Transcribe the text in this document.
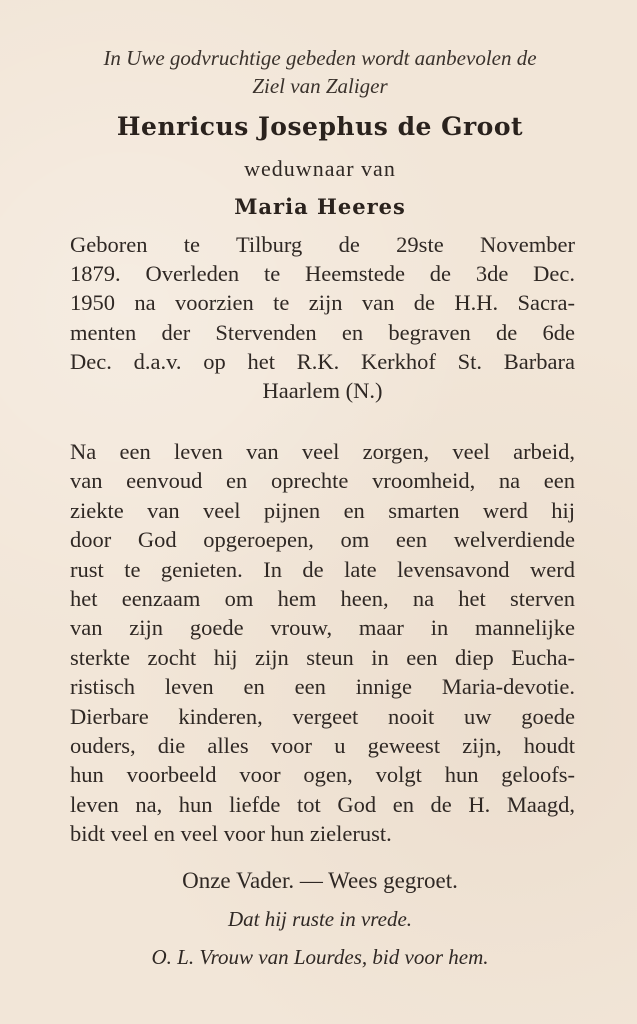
In Uwe godvruchtige gebeden wordt aanbevolen de
Ziel van Zaliger
Henricus Josephus de Groot
weduwnaar van
Maria Heeres
Geboren te Tilburg de 29ste November
1879. Overleden te Heemstede de 3de Dec.
1950 na voorzien te zijn van de H.H. Sacra-
menten der Stervenden en begraven de 6de
Dec. d.a.v. op het R.K. Kerkhof St. Barbara
Haarlem (N.)
Na een leven van veel zorgen, veel arbeid,
van eenvoud en oprechte vroomheid, na een
ziekte van veel pijnen en smarten werd hij
door God opgeroepen, om een welverdiende
rust te genieten. In de late levensavond werd
het eenzaam om hem heen, na het sterven
van zijn goede vrouw, maar in mannelijke
sterkte zocht hij zijn steun in een diep Eucha-
ristisch leven en een innige Maria-devotie.
Dierbare kinderen, vergeet nooit uw goede
ouders, die alles voor u geweest zijn, houdt
hun voorbeeld voor ogen, volgt hun geloofs-
leven na, hun liefde tot God en de H. Maagd,
bidt veel en veel voor hun zielerust.
Onze Vader. — Wees gegroet.
Dat hij ruste in vrede.
O. L. Vrouw van Lourdes, bid voor hem.
